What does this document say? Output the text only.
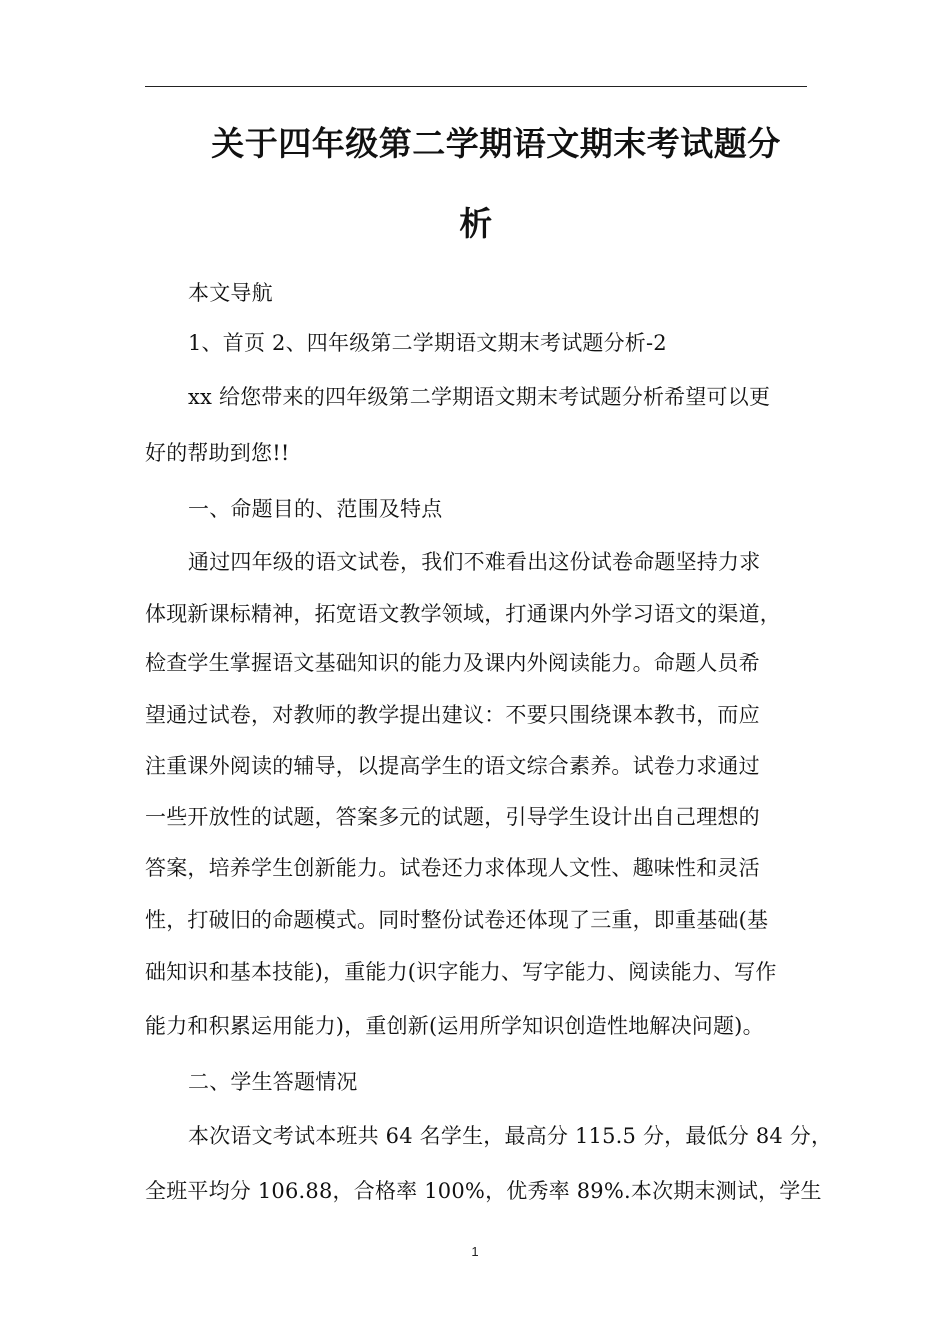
关于四年级第二学期语文期末考试题分
析
本文导航
1、首页 2、四年级第二学期语文期末考试题分析-2
xx 给您带来的四年级第二学期语文期末考试题分析希望可以更
好的帮助到您!!
一、命题目的、范围及特点
通过四年级的语文试卷，我们不难看出这份试卷命题坚持力求
体现新课标精神，拓宽语文教学领域，打通课内外学习语文的渠道，
检查学生掌握语文基础知识的能力及课内外阅读能力。命题人员希
望通过试卷，对教师的教学提出建议：不要只围绕课本教书，而应
注重课外阅读的辅导，以提高学生的语文综合素养。试卷力求通过
一些开放性的试题，答案多元的试题，引导学生设计出自己理想的
答案，培养学生创新能力。试卷还力求体现人文性、趣味性和灵活
性，打破旧的命题模式。同时整份试卷还体现了三重，即重基础(基
础知识和基本技能)，重能力(识字能力、写字能力、阅读能力、写作
能力和积累运用能力)，重创新(运用所学知识创造性地解决问题)。
二、学生答题情况
本次语文考试本班共 64 名学生，最高分 115.5 分，最低分 84 分，
全班平均分 106.88，合格率 100%，优秀率 89%.本次期末测试，学生
1
